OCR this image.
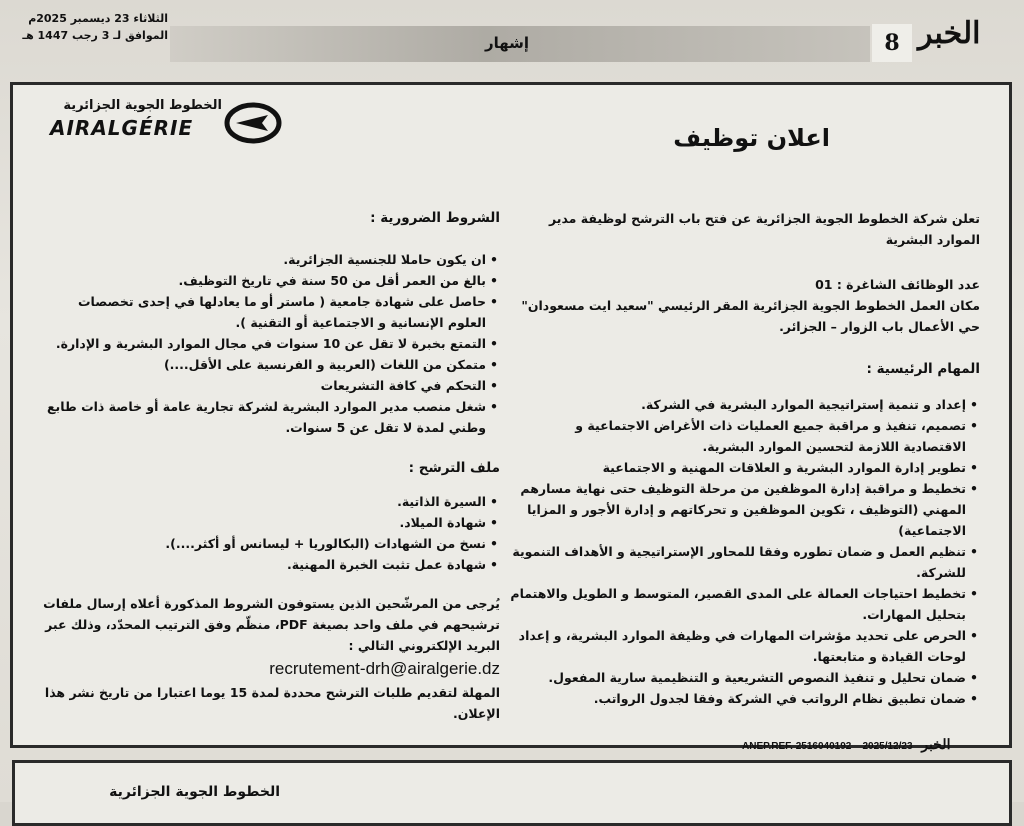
الثلاثاء 23 ديسمبر 2025م
الموافق لـ 3 رجب 1447 هـ	إشهار	8 الخبر
الخطوط الجوية الجزائرية
AIRALGÉRIE	اعلان توظيف

تعلن شركة الخطوط الجوية الجزائرية عن فتح باب الترشح لوظيفة مدير الموارد البشرية

عدد الوظائف الشاغرة : 01

مكان العمل الخطوط الجوية الجزائرية المقر الرئيسي "سعيد ايت مسعودان" حي الأعمال باب الزوار – الجزائر.

المهام الرئيسية :

• إعداد و تنمية إستراتيجية الموارد البشرية في الشركة.
• تصميم، تنفيذ و مراقبة جميع العمليات ذات الأغراض الاجتماعية و الاقتصادية اللازمة لتحسين الموارد البشرية.
• تطوير إدارة الموارد البشرية و العلاقات المهنية و الاجتماعية
• تخطيط و مراقبة إدارة الموظفين من مرحلة التوظيف حتى نهاية مسارهم المهني (التوظيف ، تكوين الموظفين و تحركاتهم و إدارة الأجور و المزايا الاجتماعية)
• تنظيم العمل و ضمان تطوره وفقا للمحاور الإستراتيجية و الأهداف التنموية للشركة.
• تخطيط احتياجات العمالة على المدى القصير، المتوسط و الطويل والاهتمام بتحليل المهارات.
• الحرص على تحديد مؤشرات المهارات في وظيفة الموارد البشرية، و إعداد لوحات القيادة و متابعتها.
• ضمان تحليل و تنفيذ النصوص التشريعية و التنظيمية سارية المفعول.
• ضمان تطبيق نظام الرواتب في الشركة وفقا لجدول الرواتب.

الشروط الضرورية :

• ان يكون حاملا للجنسية الجزائرية.
• بالغ من العمر أقل من 50 سنة في تاريخ التوظيف.
• حاصل على شهادة جامعية ( ماستر أو ما يعادلها في إحدى تخصصات العلوم الإنسانية و الاجتماعية أو التقنية ).
• التمتع بخبرة لا تقل عن 10 سنوات في مجال الموارد البشرية و الإدارة.
• متمكن من اللغات (العربية و الفرنسية على الأقل....)
• التحكم في كافة التشريعات
• شغل منصب مدير الموارد البشرية لشركة تجارية عامة أو خاصة ذات طابع وطني لمدة لا تقل عن 5 سنوات.

ملف الترشح :

• السيرة الذاتية.
• شهادة الميلاد.
• نسخ من الشهادات (البكالوريا + ليسانس أو أكثر....).
• شهادة عمل تثبت الخبرة المهنية.

يُرجى من المرشّحين الذين يستوفون الشروط المذكورة أعلاه إرسال ملفات ترشيحهم في ملف واحد بصيغة PDF، منظّم وفق الترتيب المحدّد، وذلك عبر البريد الإلكتروني التالي :

recrutement-drh@airalgerie.dz

المهلة لتقديم طلبات الترشح محددة لمدة 15 يوما اعتبارا من تاريخ نشر هذا الإعلان.

ANEP.REF. 2516040192 2025/12/23 الخبر
الخطوط الجوية الجزائرية
